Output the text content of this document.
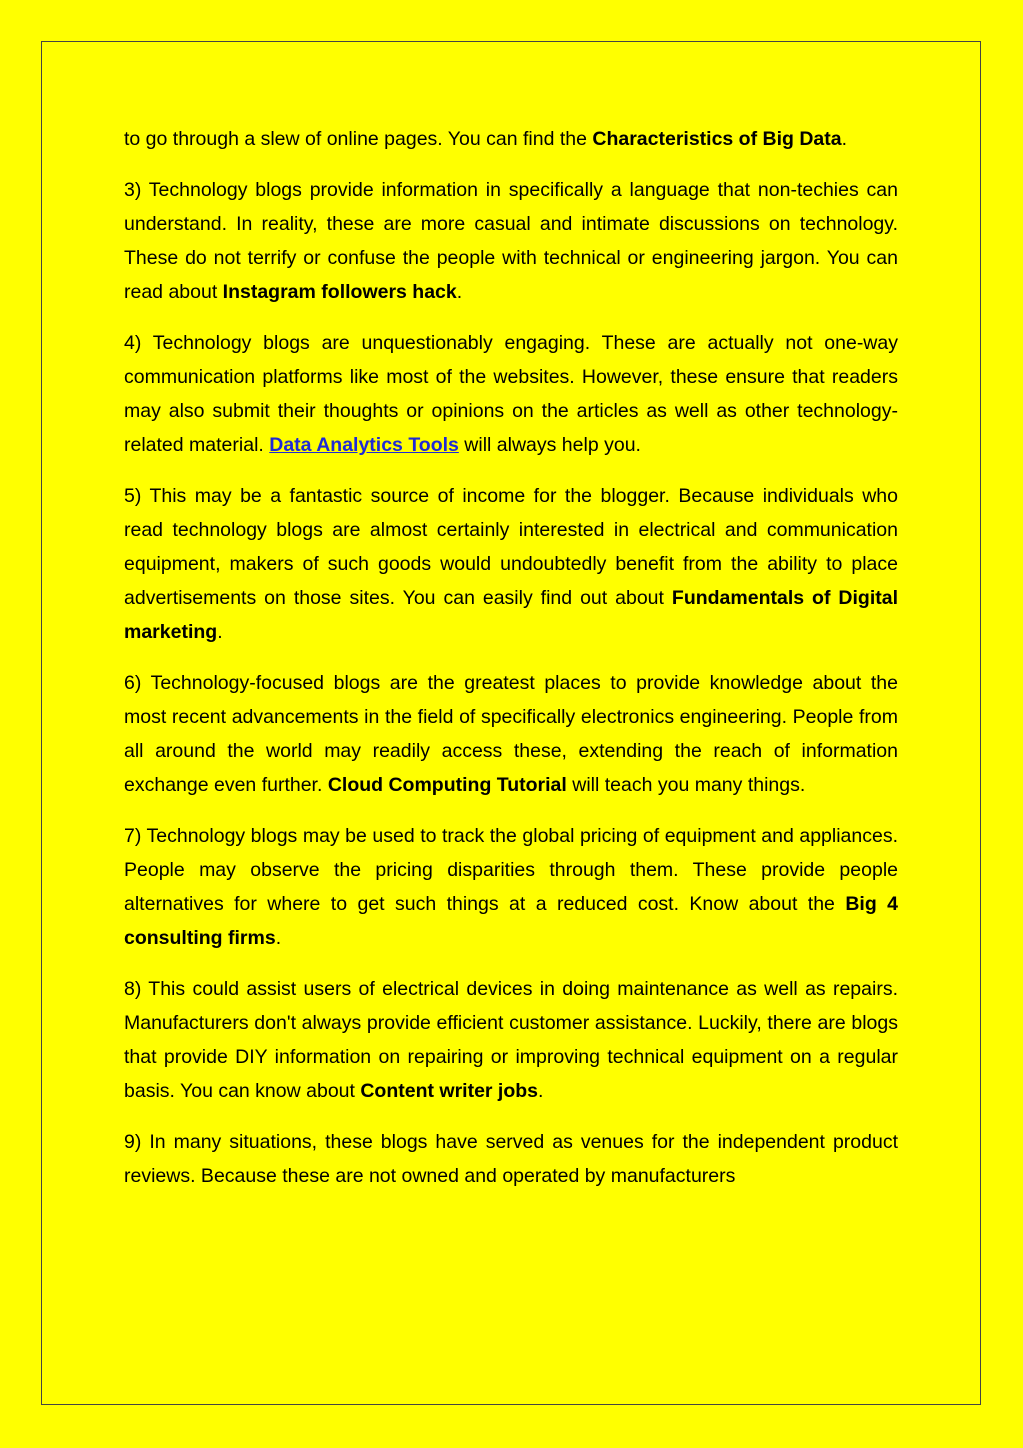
to go through a slew of online pages. You can find the Characteristics of Big Data.

3) Technology blogs provide information in specifically a language that non-techies can understand. In reality, these are more casual and intimate discussions on technology. These do not terrify or confuse the people with technical or engineering jargon. You can read about Instagram followers hack.

4) Technology blogs are unquestionably engaging. These are actually not one-way communication platforms like most of the websites. However, these ensure that readers may also submit their thoughts or opinions on the articles as well as other technology-related material. Data Analytics Tools will always help you.

5) This may be a fantastic source of income for the blogger. Because individuals who read technology blogs are almost certainly interested in electrical and communication equipment, makers of such goods would undoubtedly benefit from the ability to place advertisements on those sites. You can easily find out about Fundamentals of Digital marketing.

6) Technology-focused blogs are the greatest places to provide knowledge about the most recent advancements in the field of specifically electronics engineering. People from all around the world may readily access these, extending the reach of information exchange even further. Cloud Computing Tutorial will teach you many things.

7) Technology blogs may be used to track the global pricing of equipment and appliances. People may observe the pricing disparities through them. These provide people alternatives for where to get such things at a reduced cost. Know about the Big 4 consulting firms.

8) This could assist users of electrical devices in doing maintenance as well as repairs. Manufacturers don't always provide efficient customer assistance. Luckily, there are blogs that provide DIY information on repairing or improving technical equipment on a regular basis. You can know about Content writer jobs.

9) In many situations, these blogs have served as venues for the independent product reviews. Because these are not owned and operated by manufacturers
